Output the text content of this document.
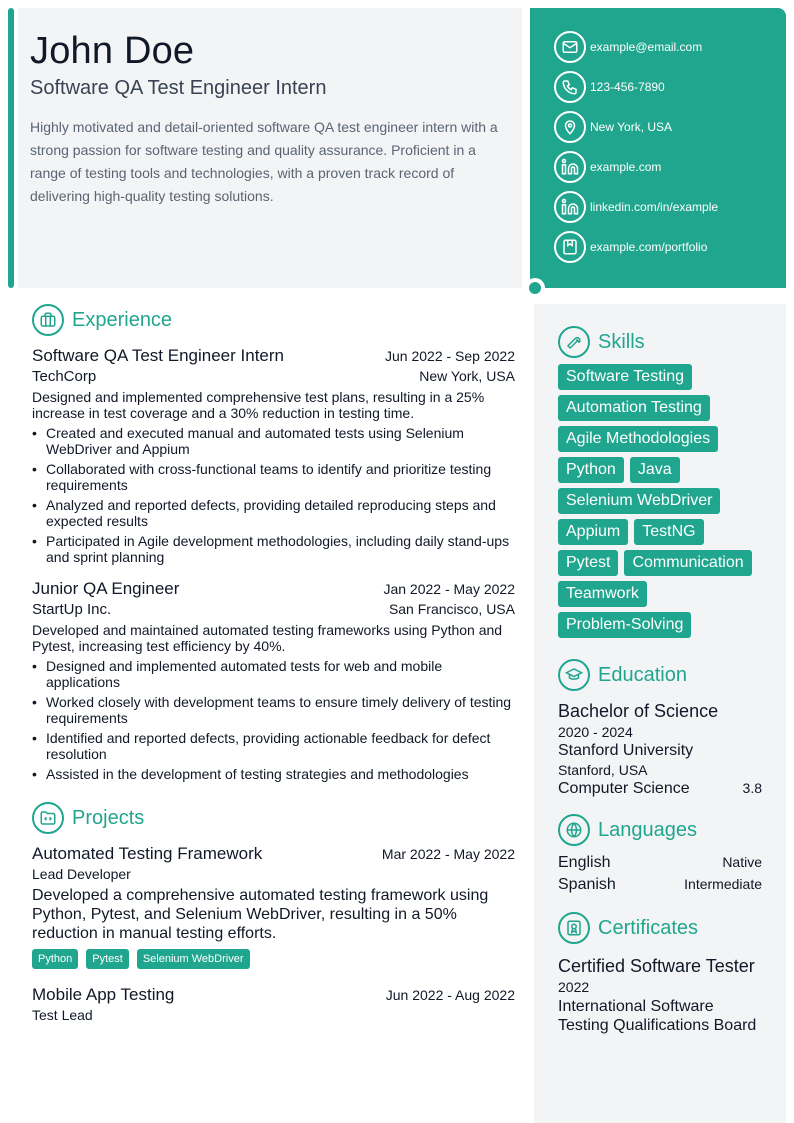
John Doe
Software QA Test Engineer Intern
Highly motivated and detail-oriented software QA test engineer intern with a strong passion for software testing and quality assurance. Proficient in a range of testing tools and technologies, with a proven track record of delivering high-quality testing solutions.
example@email.com
123-456-7890
New York, USA
example.com
linkedin.com/in/example
example.com/portfolio
Experience
Software QA Test Engineer Intern	Jun 2022 - Sep 2022
TechCorp	New York, USA
Designed and implemented comprehensive test plans, resulting in a 25% increase in test coverage and a 30% reduction in testing time.
• Created and executed manual and automated tests using Selenium WebDriver and Appium
• Collaborated with cross-functional teams to identify and prioritize testing requirements
• Analyzed and reported defects, providing detailed reproducing steps and expected results
• Participated in Agile development methodologies, including daily stand-ups and sprint planning
Junior QA Engineer	Jan 2022 - May 2022
StartUp Inc.	San Francisco, USA
Developed and maintained automated testing frameworks using Python and Pytest, increasing test efficiency by 40%.
• Designed and implemented automated tests for web and mobile applications
• Worked closely with development teams to ensure timely delivery of testing requirements
• Identified and reported defects, providing actionable feedback for defect resolution
• Assisted in the development of testing strategies and methodologies
Projects
Automated Testing Framework	Mar 2022 - May 2022
Lead Developer
Developed a comprehensive automated testing framework using Python, Pytest, and Selenium WebDriver, resulting in a 50% reduction in manual testing efforts.
Python	Pytest	Selenium WebDriver
Mobile App Testing	Jun 2022 - Aug 2022
Test Lead
Skills
Software Testing
Automation Testing
Agile Methodologies
Python	Java
Selenium WebDriver
Appium	TestNG
Pytest	Communication
Teamwork
Problem-Solving
Education
Bachelor of Science
2020 - 2024
Stanford University
Stanford, USA
Computer Science	3.8
Languages
English	Native
Spanish	Intermediate
Certificates
Certified Software Tester
2022
International Software Testing Qualifications Board
